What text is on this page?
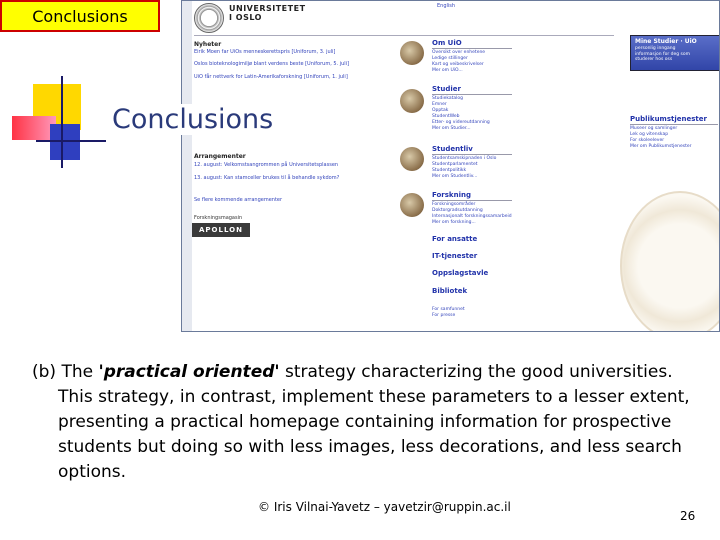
Conclusions	UNIVERSITETET
I OSLO
English
Nyheter
Eirik Moen far UiOs menneskerettspris [Uniforum, 3. juli]
Oslos bioteknologimiljø blant verdens beste [Uniforum, 5. juli]
UiO får nettverk for Latin-Amerikaforskning [Uniforum, 1. juli]
Arrangementer
12. august: Velkomstsangrommen på Universitetsplassen
13. august: Kan stamceller brukes til å behandle sykdom?
Se flere kommende arrangementer
Forskningsmagasin
APOLLON
Om UiO
Oversikt over enhetene
Ledige stillinger
Kart og veibeskrivelser
Mer om UiO...
Studier
Studiekatalog
Emner
Opptak
StudentWeb
Etter- og videreutdanning
Mer om Studier...
Studentliv
Studentsamskipnaden i Oslo
Studentparlamentet
Studentpolitikk
Mer om Studentliv...
Forskning
Forskningsområder
Doktorgradsutdanning
Internasjonalt forskningssamarbeid
Mer om forskning...
For ansatte
IT-tjenester
Oppslagstavle
Bibliotek
For samfunnet
For presse
Mine Studier · UiO
personlig inngang
informasjon for deg som
studerer hos oss
Publikumstjenester
Museer og samlinger
Lek og vitenskap
For skoleelever
Mer om Publikumstjenester
Conclusions
(b) The 'practical oriented' strategy characterizing the good universities. This strategy, in contrast, implement these parameters to a lesser extent, presenting a practical homepage containing information for prospective students but doing so with less images, less decorations, and less search options.
© Iris Vilnai-Yavetz – yavetzir@ruppin.ac.il
26
